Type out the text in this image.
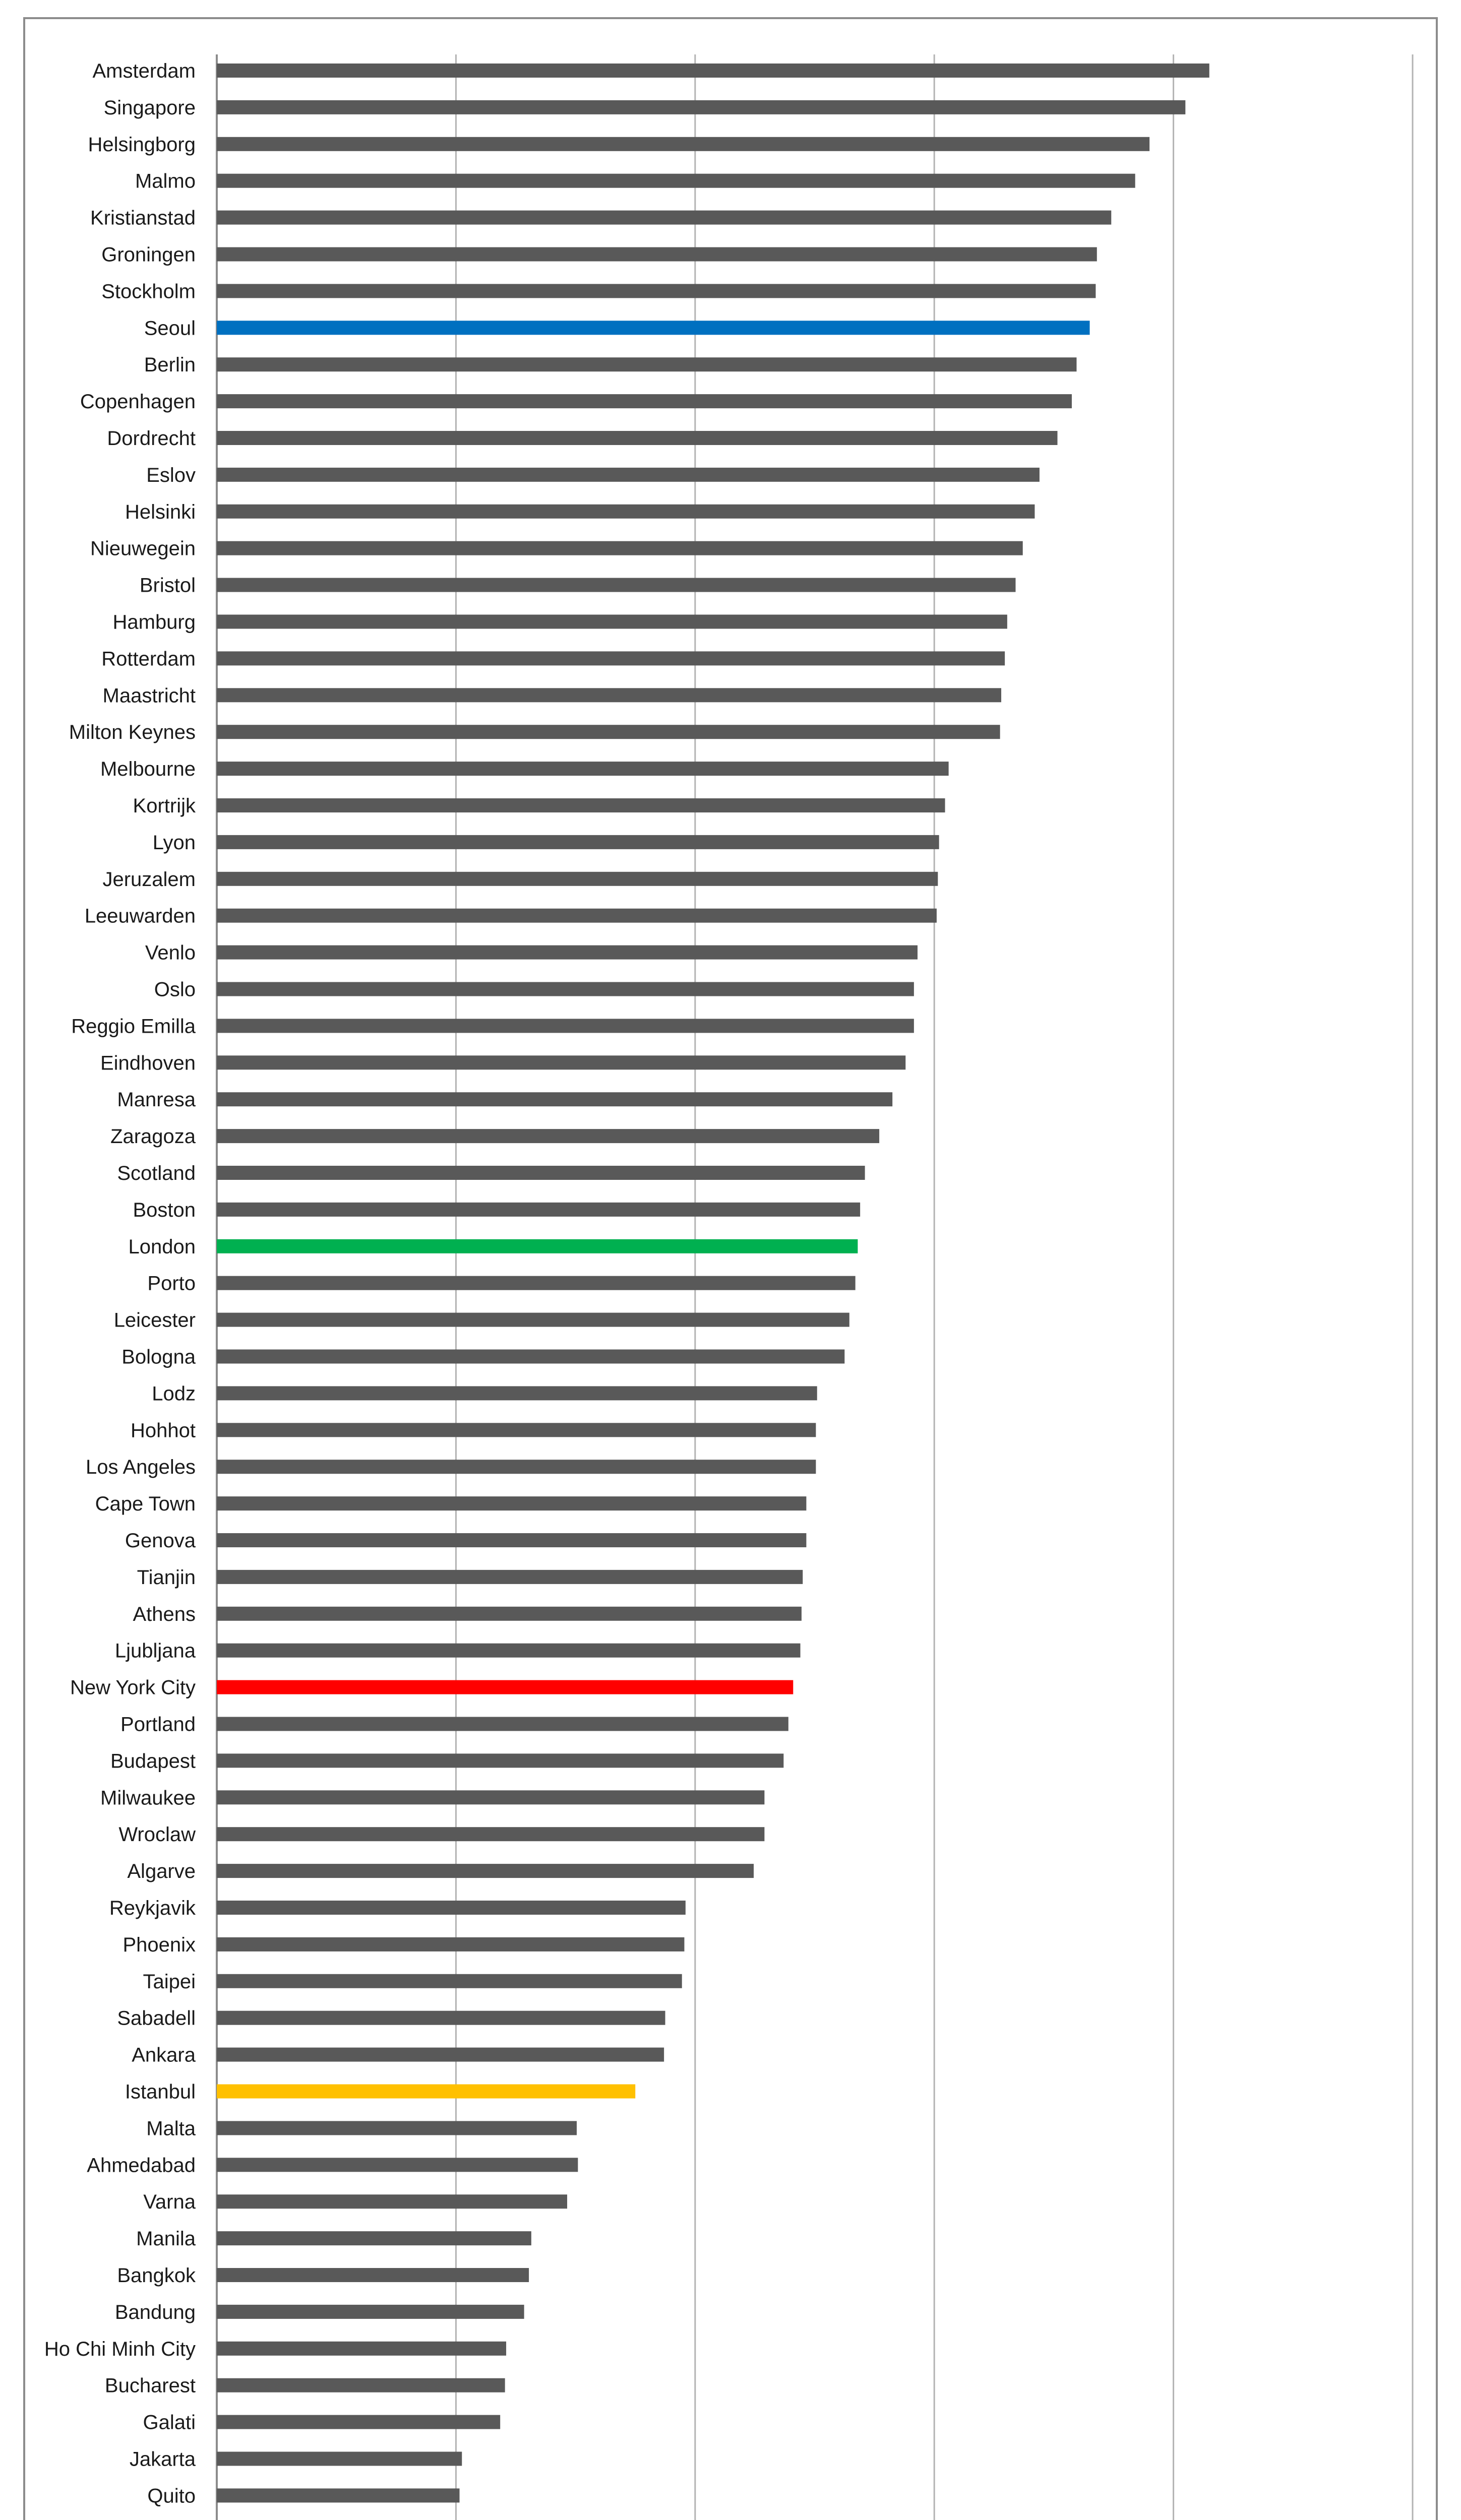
Amsterdam
Singapore
Helsingborg
Malmo
Kristianstad
Groningen
Stockholm
Seoul
Berlin
Copenhagen
Dordrecht
Eslov
Helsinki
Nieuwegein
Bristol
Hamburg
Rotterdam
Maastricht
Milton Keynes
Melbourne
Kortrijk
Lyon
Jeruzalem
Leeuwarden
Venlo
Oslo
Reggio Emilla
Eindhoven
Manresa
Zaragoza
Scotland
Boston
London
Porto
Leicester
Bologna
Lodz
Hohhot
Los Angeles
Cape Town
Genova
Tianjin
Athens
Ljubljana
New York City
Portland
Budapest
Milwaukee
Wroclaw
Algarve
Reykjavik
Phoenix
Taipei
Sabadell
Ankara
Istanbul
Malta
Ahmedabad
Varna
Manila
Bangkok
Bandung
Ho Chi Minh City
Bucharest
Galati
Jakarta
Quito
